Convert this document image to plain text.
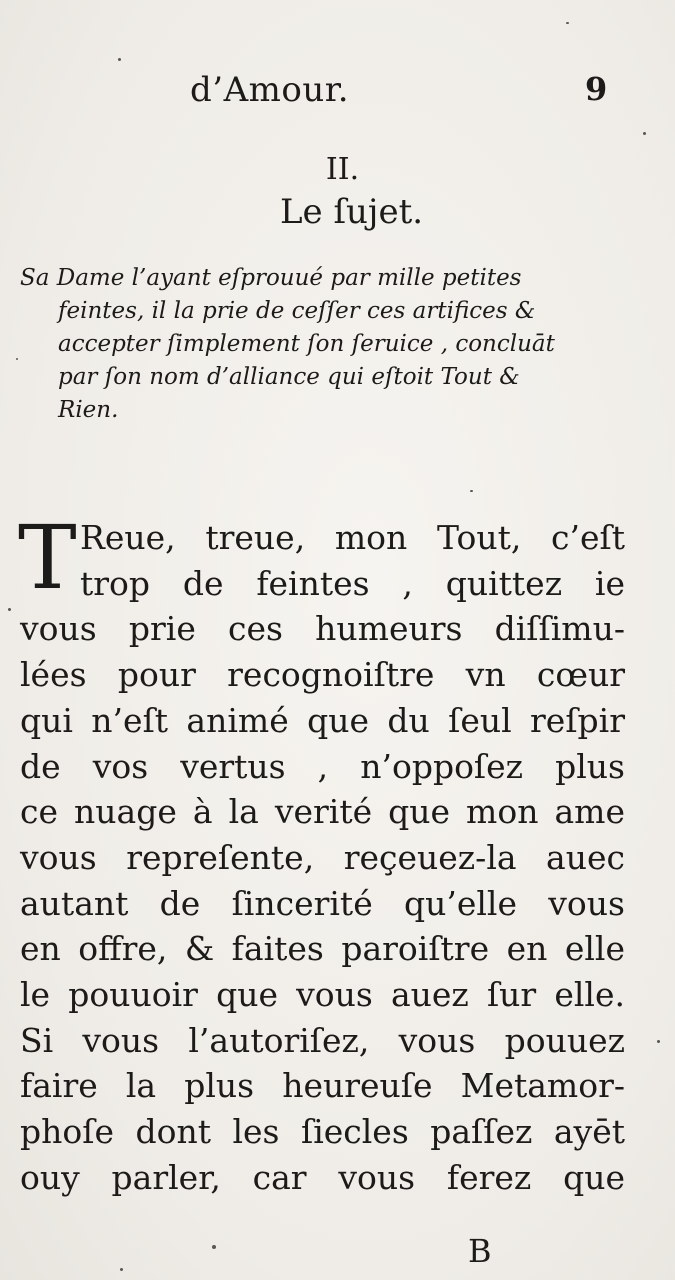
d’Amour.	9
II.
Le ſujet.
Sa Dame l’ayant eſprouué par mille petites
feintes, il la prie de ceſſer ces artifices &
accepter ſimplement ſon ſeruice , concluāt
par ſon nom d’alliance qui eſtoit Tout &
Rien.
T Reue, treue, mon Tout, c’eſt
trop de feintes , quittez ie
vous prie ces humeurs diſſimu-
lées pour recognoiſtre vn cœur
qui n’eſt animé que du ſeul reſpir
de vos vertus , n’oppoſez plus
ce nuage à la verité que mon ame
vous repreſente, reçeuez-la auec
autant de ſincerité qu’elle vous
en offre, & faites paroiſtre en elle
le pouuoir que vous auez ſur elle.
Si vous l’autoriſez, vous pouuez
faire la plus heureuſe Metamor-
phoſe dont les ſiecles paſſez ayēt
ouy parler, car vous ferez que
B
